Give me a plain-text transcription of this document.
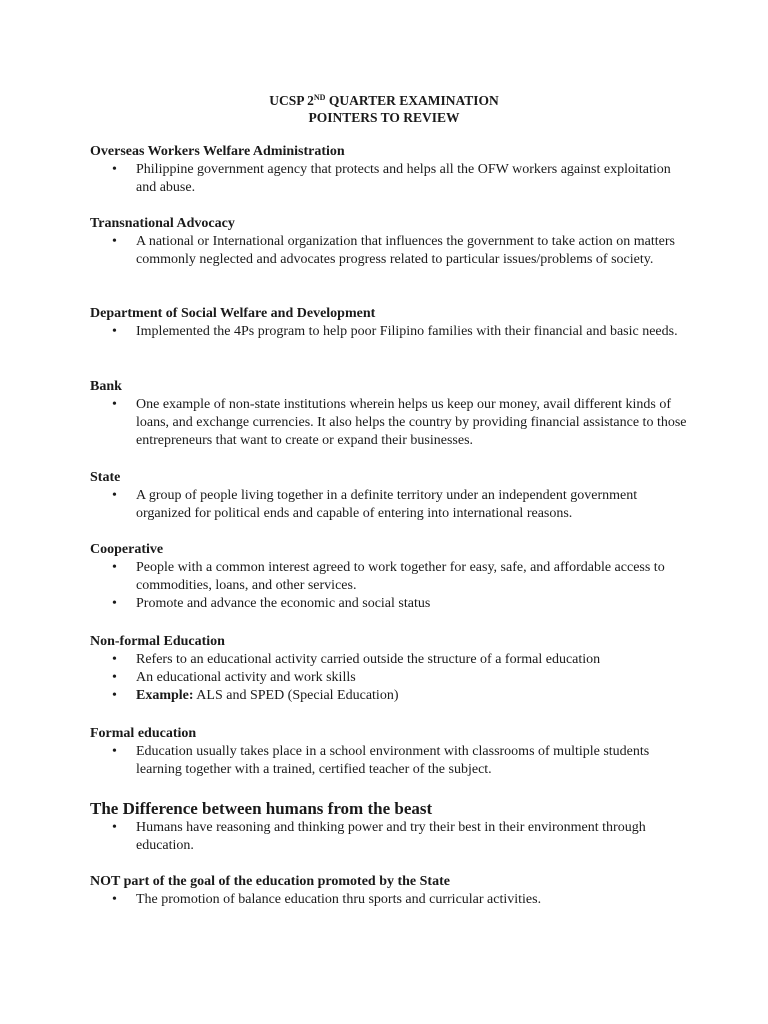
UCSP 2ND QUARTER EXAMINATION
POINTERS TO REVIEW

Overseas Workers Welfare Administration

• Philippine government agency that protects and helps all the OFW workers against exploitation and abuse.

Transnational Advocacy

• A national or International organization that influences the government to take action on matters commonly neglected and advocates progress related to particular issues/problems of society.

Department of Social Welfare and Development

• Implemented the 4Ps program to help poor Filipino families with their financial and basic needs.

Bank

• One example of non-state institutions wherein helps us keep our money, avail different kinds of loans, and exchange currencies. It also helps the country by providing financial assistance to those entrepreneurs that want to create or expand their businesses.

State

• A group of people living together in a definite territory under an independent government organized for political ends and capable of entering into international reasons.

Cooperative

• People with a common interest agreed to work together for easy, safe, and affordable access to commodities, loans, and other services.
• Promote and advance the economic and social status

Non-formal Education

• Refers to an educational activity carried outside the structure of a formal education
• An educational activity and work skills
• Example: ALS and SPED (Special Education)

Formal education

• Education usually takes place in a school environment with classrooms of multiple students learning together with a trained, certified teacher of the subject.

The Difference between humans from the beast

• Humans have reasoning and thinking power and try their best in their environment through education.

NOT part of the goal of the education promoted by the State

• The promotion of balance education thru sports and curricular activities.
